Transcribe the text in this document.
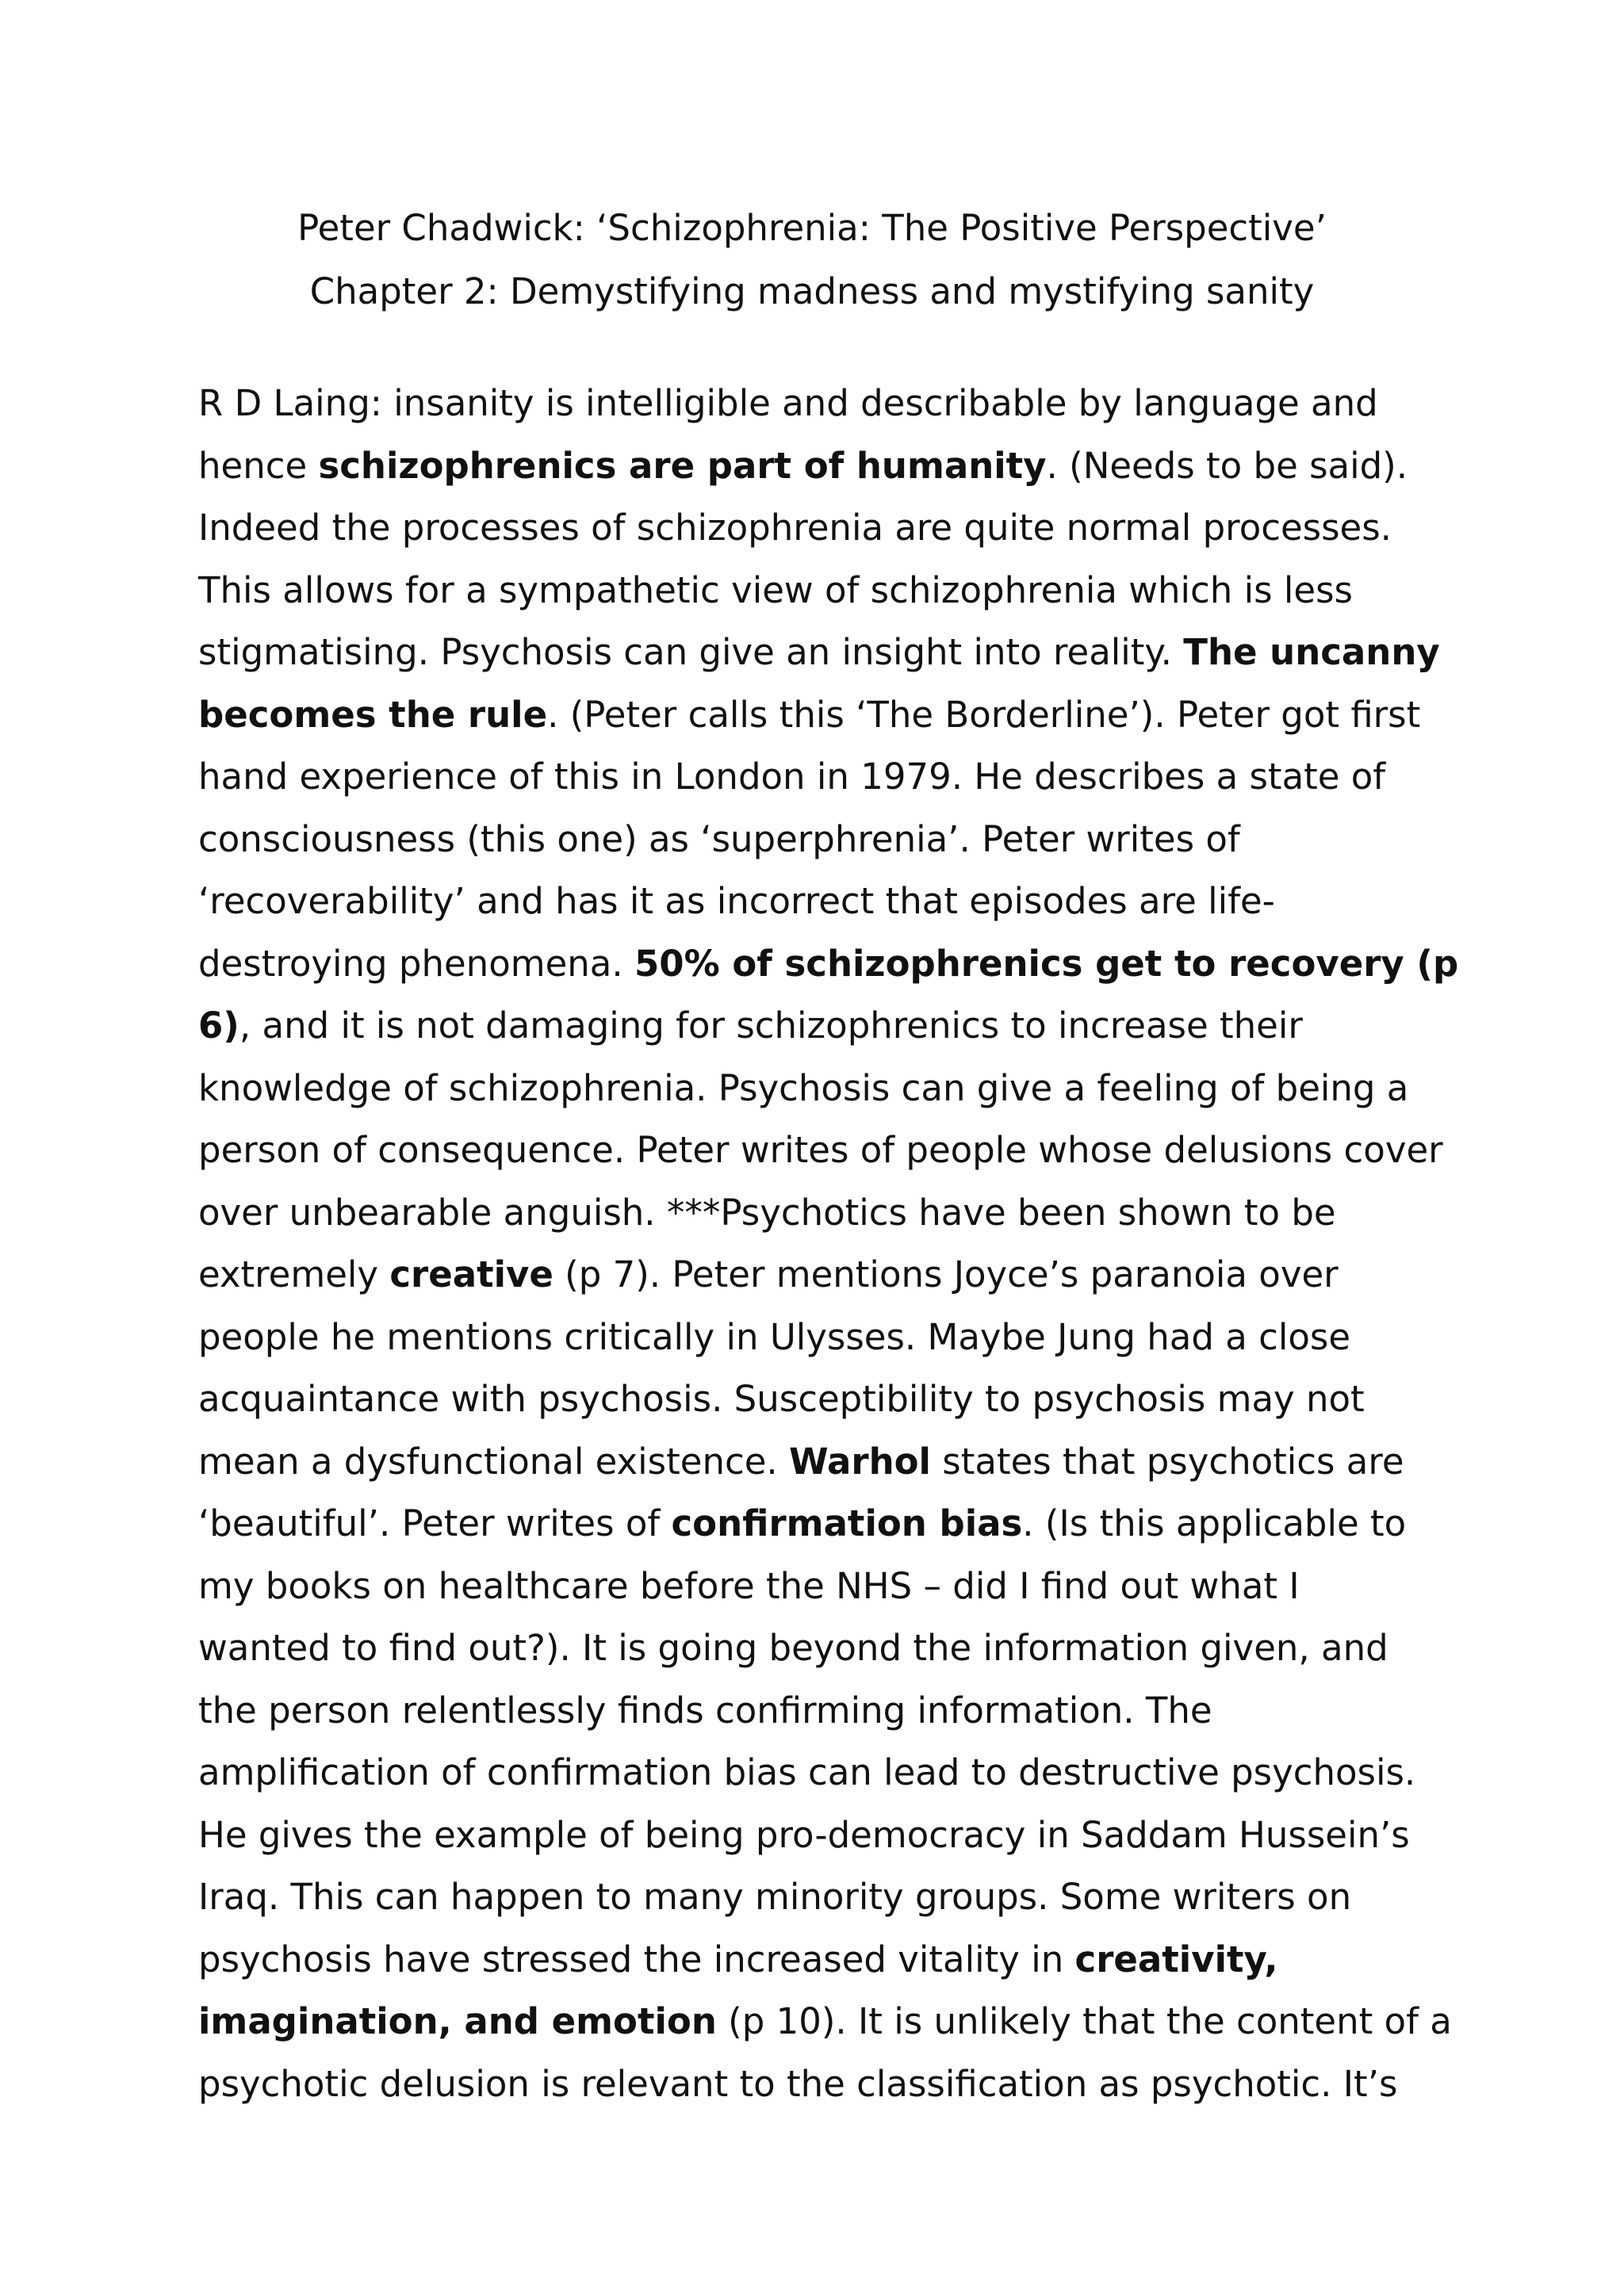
Peter Chadwick: ‘Schizophrenia: The Positive Perspective’

Chapter 2: Demystifying madness and mystifying sanity

R D Laing: insanity is intelligible and describable by language and

hence schizophrenics are part of humanity. (Needs to be said).

Indeed the processes of schizophrenia are quite normal processes.

This allows for a sympathetic view of schizophrenia which is less

stigmatising. Psychosis can give an insight into reality. The uncanny

becomes the rule. (Peter calls this ‘The Borderline’). Peter got first

hand experience of this in London in 1979. He describes a state of

consciousness (this one) as ‘superphrenia’. Peter writes of

‘recoverability’ and has it as incorrect that episodes are life-

destroying phenomena. 50% of schizophrenics get to recovery (p

6), and it is not damaging for schizophrenics to increase their

knowledge of schizophrenia. Psychosis can give a feeling of being a

person of consequence. Peter writes of people whose delusions cover

over unbearable anguish. ***Psychotics have been shown to be

extremely creative (p 7). Peter mentions Joyce’s paranoia over

people he mentions critically in Ulysses. Maybe Jung had a close

acquaintance with psychosis. Susceptibility to psychosis may not

mean a dysfunctional existence. Warhol states that psychotics are

‘beautiful’. Peter writes of confirmation bias. (Is this applicable to

my books on healthcare before the NHS – did I find out what I

wanted to find out?). It is going beyond the information given, and

the person relentlessly finds confirming information. The

amplification of confirmation bias can lead to destructive psychosis.

He gives the example of being pro-democracy in Saddam Hussein’s

Iraq. This can happen to many minority groups. Some writers on

psychosis have stressed the increased vitality in creativity,

imagination, and emotion (p 10). It is unlikely that the content of a

psychotic delusion is relevant to the classification as psychotic. It’s
